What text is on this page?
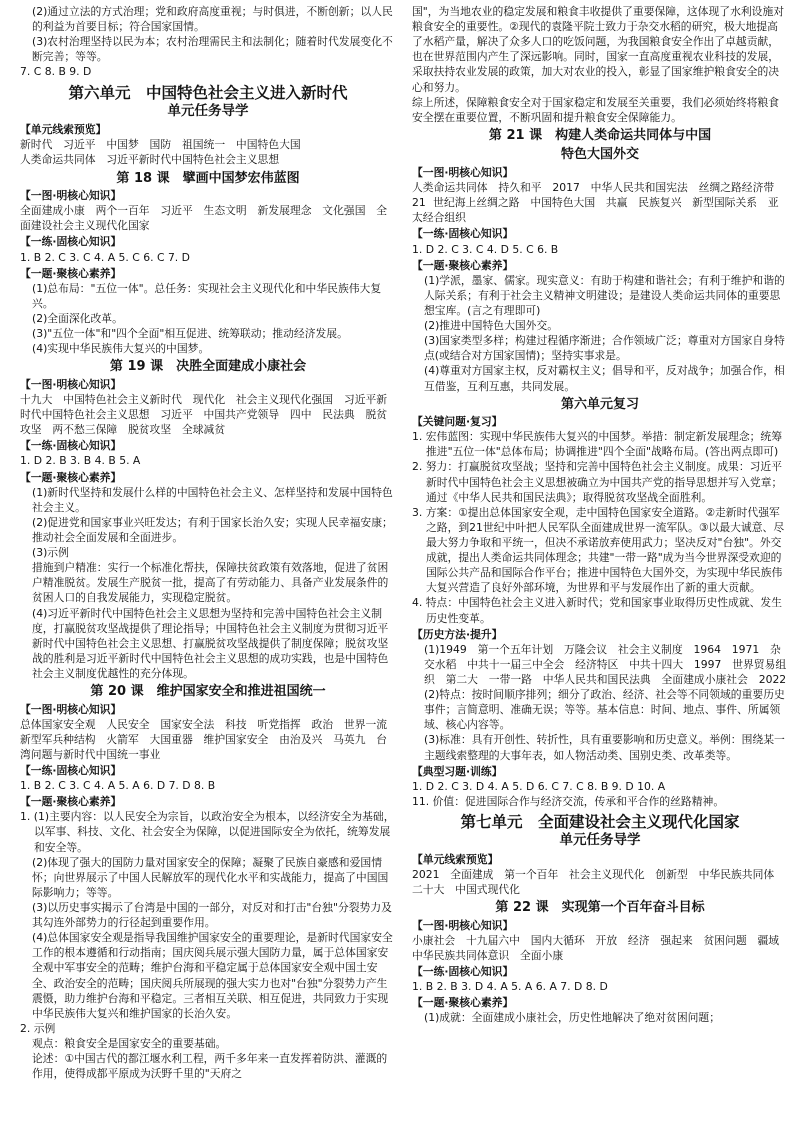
(2)通过立法的方式治理；党和政府高度重视；与时俱进，不断创新；以人民的利益为首要目标；符合国家国情。

(3)农村治理坚持以民为本；农村治理需民主和法制化；随着时代发展变化不断完善；等等。

7. C 8. B 9. D

第六单元　中国特色社会主义进入新时代
单元任务导学

【单元线索预览】

新时代　习近平　中国梦　国防　祖国统一　中国特色大国

人类命运共同体　习近平新时代中国特色社会主义思想

第 18 课　擘画中国梦宏伟蓝图

【一图·明核心知识】

全面建成小康　两个一百年　习近平　生态文明　新发展理念　文化强国　全面建设社会主义现代化国家

【一练·固核心知识】

1. B 2. C 3. C 4. A 5. C 6. C 7. D

【一题·聚核心素养】

(1)总布局："五位一体"。总任务：实现社会主义现代化和中华民族伟大复兴。

(2)全面深化改革。

(3)"五位一体"和"四个全面"相互促进、统筹联动；推动经济发展。

(4)实现中华民族伟大复兴的中国梦。

第 19 课　决胜全面建成小康社会

【一图·明核心知识】

十九大　中国特色社会主义新时代　现代化　社会主义现代化强国　习近平新时代中国特色社会主义思想　习近平　中国共产党领导　四中　民法典　脱贫攻坚　两不愁三保障　脱贫攻坚　全球减贫

【一练·固核心知识】

1. D 2. B 3. B 4. B 5. A

【一题·聚核心素养】

(1)新时代坚持和发展什么样的中国特色社会主义、怎样坚持和发展中国特色社会主义。

(2)促进党和国家事业兴旺发达；有利于国家长治久安；实现人民幸福安康；推动社会全面发展和全面进步。

(3)示例

措施到户精准：实行一个标准化帮扶，保障扶贫政策有效落地，促进了贫困户精准脱贫。发展生产脱贫一批，提高了有劳动能力、具备产业发展条件的贫困人口的自我发展能力，实现稳定脱贫。

(4)习近平新时代中国特色社会主义思想为坚持和完善中国特色社会主义制度，打赢脱贫攻坚战提供了理论指导；中国特色社会主义制度为贯彻习近平新时代中国特色社会主义思想、打赢脱贫攻坚战提供了制度保障；脱贫攻坚战的胜利是习近平新时代中国特色社会主义思想的成功实践，也是中国特色社会主义制度优越性的充分体现。

第 20 课　维护国家安全和推进祖国统一

【一图·明核心知识】

总体国家安全观　人民安全　国家安全法　科技　听党指挥　政治　世界一流　新型军兵种结构　火箭军　大国重器　维护国家安全　由治及兴　马英九　台湾问题与新时代中国统一事业

【一练·固核心知识】

1. B 2. C 3. C 4. A 5. A 6. D 7. D 8. B

【一题·聚核心素养】

1. (1)主要内容：以人民安全为宗旨，以政治安全为根本，以经济安全为基础，以军事、科技、文化、社会安全为保障，以促进国际安全为依托，统筹发展和安全等。

(2)体现了强大的国防力量对国家安全的保障；凝聚了民族自豪感和爱国情怀；向世界展示了中国人民解放军的现代化水平和实战能力，提高了中国国际影响力；等等。

(3)以历史事实揭示了台湾是中国的一部分，对反对和打击"台独"分裂势力及其勾连外部势力的行径起到重要作用。

(4)总体国家安全观是指导我国维护国家安全的重要理论，是新时代国家安全工作的根本遵循和行动指南；国庆阅兵展示强大国防力量，属于总体国家安全观中军事安全的范畴；维护台海和平稳定属于总体国家安全观中国土安全、政治安全的范畴；国庆阅兵所展现的强大实力也对"台独"分裂势力产生震慑，助力维护台海和平稳定。三者相互关联、相互促进，共同致力于实现中华民族伟大复兴和维护国家的长治久安。

2. 示例

观点：粮食安全是国家安全的重要基础。

论述：①中国古代的都江堰水利工程，两千多年来一直发挥着防洪、灌溉的作用，使得成都平原成为沃野千里的"天府之

国"，为当地农业的稳定发展和粮食丰收提供了重要保障，这体现了水利设施对粮食安全的重要性。②现代的袁隆平院士致力于杂交水稻的研究，极大地提高了水稻产量，解决了众多人口的吃饭问题，为我国粮食安全作出了卓越贡献，也在世界范围内产生了深远影响。同时，国家一直高度重视农业科技的发展，采取扶持农业发展的政策，加大对农业的投入，彰显了国家维护粮食安全的决心和努力。

综上所述，保障粮食安全对于国家稳定和发展至关重要，我们必须始终将粮食安全摆在重要位置，不断巩固和提升粮食安全保障能力。

第 21 课　构建人类命运共同体与中国
特色大国外交

【一图·明核心知识】

人类命运共同体　持久和平　2017　中华人民共和国宪法　丝绸之路经济带　21 世纪海上丝绸之路　中国特色大国　共赢　民族复兴　新型国际关系　亚太经合组织

【一练·固核心知识】

1. D 2. C 3. C 4. D 5. C 6. B

【一题·聚核心素养】

(1)学派，墨家、儒家。现实意义：有助于构建和谐社会；有利于维护和谐的人际关系；有利于社会主义精神文明建设；是建设人类命运共同体的重要思想宝库。(言之有理即可)

(2)推进中国特色大国外交。

(3)国家类型多样；构建过程循序渐进；合作领域广泛；尊重对方国家自身特点(或结合对方国家国情)；坚持实事求是。

(4)尊重对方国家主权，反对霸权主义；倡导和平，反对战争；加强合作，相互借鉴，互利互惠，共同发展。

第六单元复习

【关键问题·复习】

1. 宏伟蓝图：实现中华民族伟大复兴的中国梦。举措：制定新发展理念；统筹推进"五位一体"总体布局；协调推进"四个全面"战略布局。(答出两点即可)

2. 努力：打赢脱贫攻坚战；坚持和完善中国特色社会主义制度。成果：习近平新时代中国特色社会主义思想被确立为中国共产党的指导思想并写入党章；通过《中华人民共和国民法典》；取得脱贫攻坚战全面胜利。

3. 方案：①提出总体国家安全观，走中国特色国家安全道路。②走新时代强军之路，到21世纪中叶把人民军队全面建成世界一流军队。③以最大诚意、尽最大努力争取和平统一，但决不承诺放弃使用武力；坚决反对"台独"。外交成就，提出人类命运共同体理念；共建"一带一路"成为当今世界深受欢迎的国际公共产品和国际合作平台；推进中国特色大国外交，为实现中华民族伟大复兴营造了良好外部环境，为世界和平与发展作出了新的重大贡献。

4. 特点：中国特色社会主义进入新时代；党和国家事业取得历史性成就、发生历史性变革。

【历史方法·提升】

(1)1949　第一个五年计划　万隆会议　社会主义制度　1964　1971　杂交水稻　中共十一届三中全会　经济特区　中共十四大　1997　世界贸易组织　第二大　一带一路　中华人民共和国民法典　全面建成小康社会　2022

(2)特点：按时间顺序排列；细分了政治、经济、社会等不同领域的重要历史事件；言简意明、准确无误；等等。基本信息：时间、地点、事件、所属领域、核心内容等。

(3)标准：具有开创性、转折性，具有重要影响和历史意义。举例：围绕某一主题线索整理的大事年表，如人物活动类、国别史类、改革类等。

【典型习题·训练】

1. D 2. C 3. D 4. A 5. D 6. C 7. C 8. B 9. D 10. A

11. 价值：促进国际合作与经济交流，传承和平合作的丝路精神。

第七单元　全面建设社会主义现代化国家
单元任务导学

【单元线索预览】

2021　全面建成　第一个百年　社会主义现代化　创新型　中华民族共同体　二十大　中国式现代化

第 22 课　实现第一个百年奋斗目标

【一图·明核心知识】

小康社会　十九届六中　国内大循环　开放　经济　强起来　贫困问题　疆域　中华民族共同体意识　全面小康

【一练·固核心知识】

1. B 2. B 3. D 4. A 5. A 6. A 7. D 8. D

【一题·聚核心素养】

(1)成就：全面建成小康社会，历史性地解决了绝对贫困问题；
